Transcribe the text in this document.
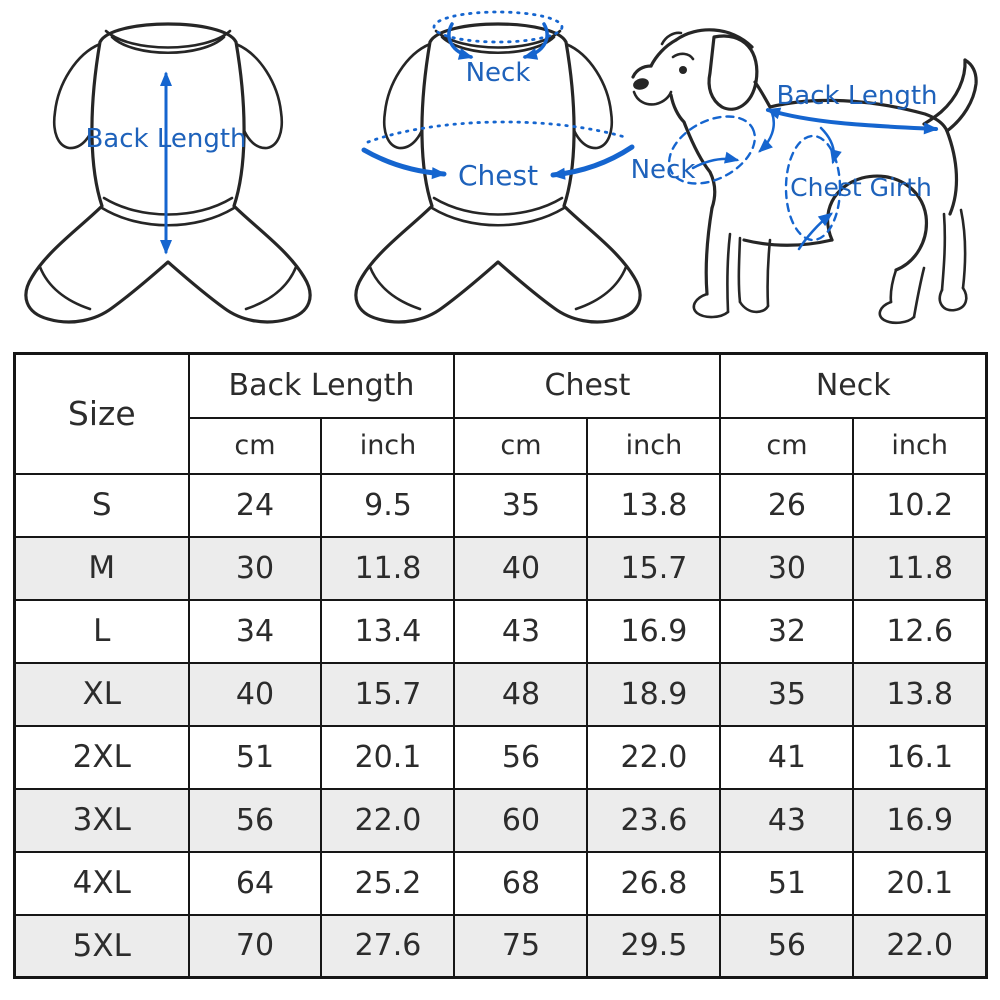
Back Length
Neck
Chest	Neck
Back Length
Chest Girth
Size	Back Length		Chest		Neck	
	cm	inch	cm	inch	cm	inch
S	24	9.5	35	13.8	26	10.2
M	30	11.8	40	15.7	30	11.8
L	34	13.4	43	16.9	32	12.6
XL	40	15.7	48	18.9	35	13.8
2XL	51	20.1	56	22.0	41	16.1
3XL	56	22.0	60	23.6	43	16.9
4XL	64	25.2	68	26.8	51	20.1
5XL	70	27.6	75	29.5	56	22.0
